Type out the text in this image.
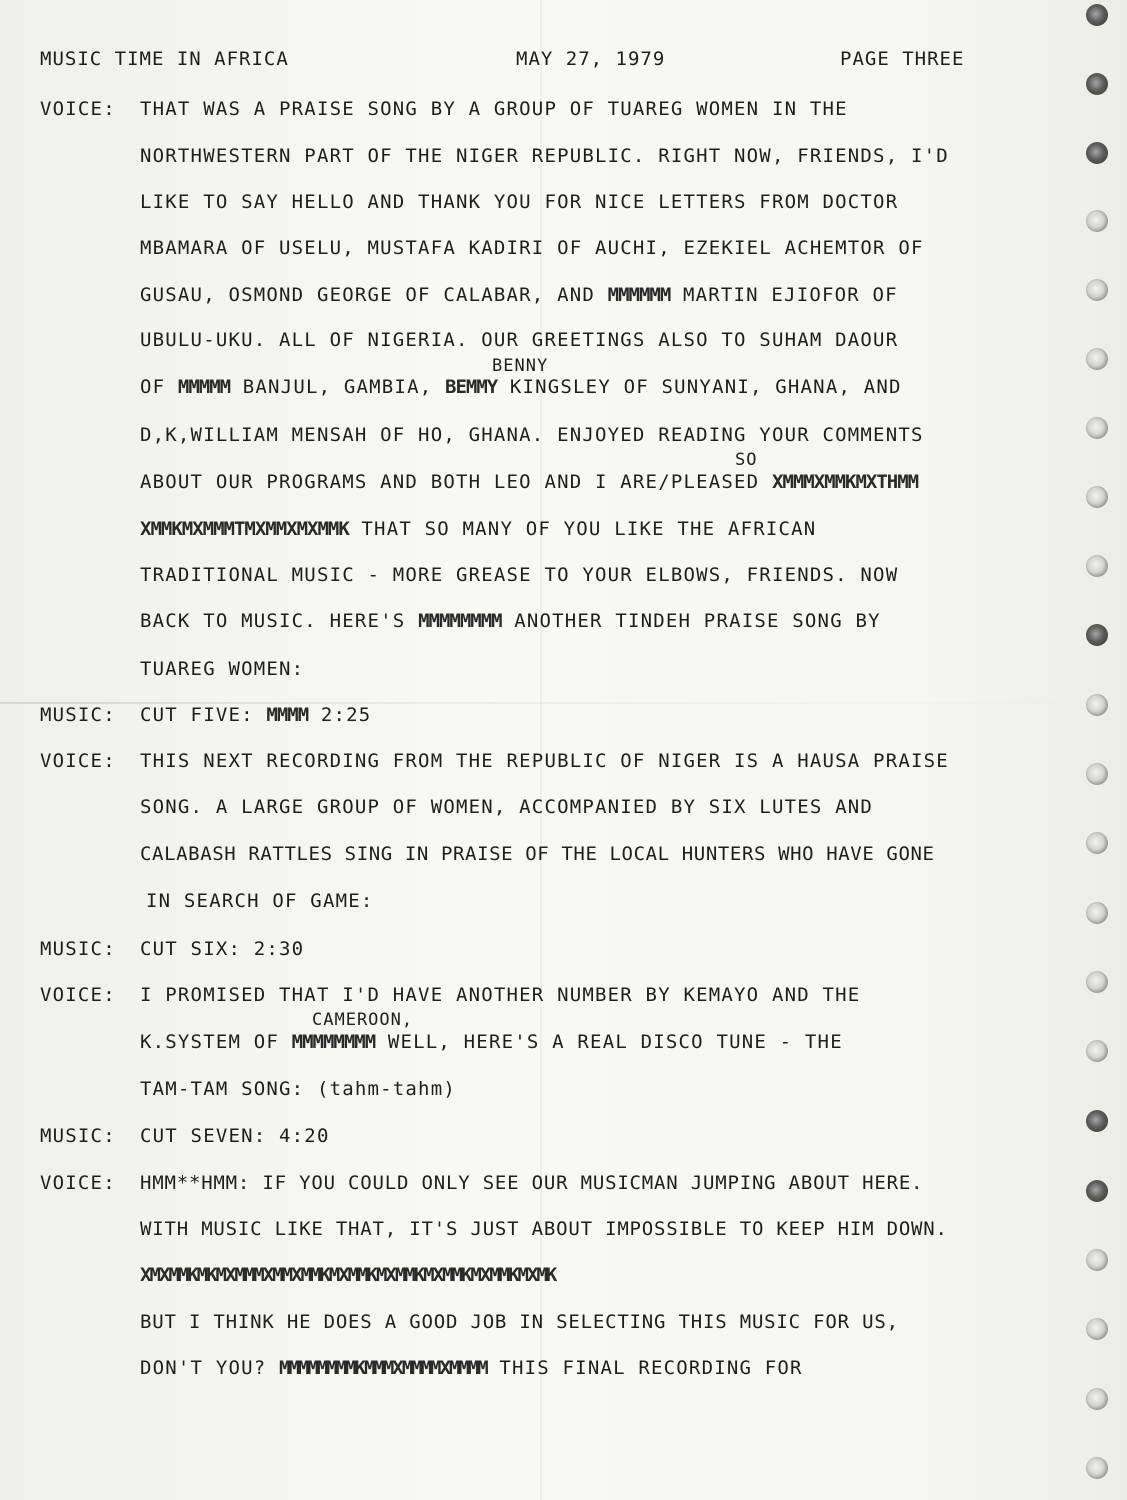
MUSIC TIME IN AFRICA	MAY 27, 1979	PAGE THREE
VOICE: THAT WAS A PRAISE SONG BY A GROUP OF TUAREG WOMEN IN THE
NORTHWESTERN PART OF THE NIGER REPUBLIC. RIGHT NOW, FRIENDS, I'D
LIKE TO SAY HELLO AND THANK YOU FOR NICE LETTERS FROM DOCTOR
MBAMARA OF USELU, MUSTAFA KADIRI OF AUCHI, EZEKIEL ACHEMTOR OF
GUSAU, OSMOND GEORGE OF CALABAR, AND MMMMMM MARTIN EJIOFOR OF
UBULU-UKU. ALL OF NIGERIA. OUR GREETINGS ALSO TO SUHAM DAOUR
BENNY
OF MMMMM BANJUL, GAMBIA, BEMMY KINGSLEY OF SUNYANI, GHANA, AND
D,K,WILLIAM MENSAH OF HO, GHANA. ENJOYED READING YOUR COMMENTS
SO
ABOUT OUR PROGRAMS AND BOTH LEO AND I ARE/PLEASED XMMMXMMKMXTHMM
XMMKMXMMMTMXMMXMXMMK THAT SO MANY OF YOU LIKE THE AFRICAN
TRADITIONAL MUSIC - MORE GREASE TO YOUR ELBOWS, FRIENDS. NOW
BACK TO MUSIC. HERE'S MMMMMMMM ANOTHER TINDEH PRAISE SONG BY
TUAREG WOMEN:
MUSIC: CUT FIVE: MMMM 2:25
VOICE: THIS NEXT RECORDING FROM THE REPUBLIC OF NIGER IS A HAUSA PRAISE
SONG. A LARGE GROUP OF WOMEN, ACCOMPANIED BY SIX LUTES AND
CALABASH RATTLES SING IN PRAISE OF THE LOCAL HUNTERS WHO HAVE GONE
IN SEARCH OF GAME:
MUSIC: CUT SIX: 2:30
VOICE: I PROMISED THAT I'D HAVE ANOTHER NUMBER BY KEMAYO AND THE
CAMEROON,
K.SYSTEM OF MMMMMMMM WELL, HERE'S A REAL DISCO TUNE - THE
TAM-TAM SONG: (tahm-tahm)
MUSIC: CUT SEVEN: 4:20
VOICE: HMM**HMM: IF YOU COULD ONLY SEE OUR MUSICMAN JUMPING ABOUT HERE.
WITH MUSIC LIKE THAT, IT'S JUST ABOUT IMPOSSIBLE TO KEEP HIM DOWN.
XMXMMKMKMXMMMXMMXMMKMXMMKMXMMKMXMMKMXMMKMXMK
BUT I THINK HE DOES A GOOD JOB IN SELECTING THIS MUSIC FOR US,
DON'T YOU? MMMMMMMMKMMMXMMMMXMMMM THIS FINAL RECORDING FOR
